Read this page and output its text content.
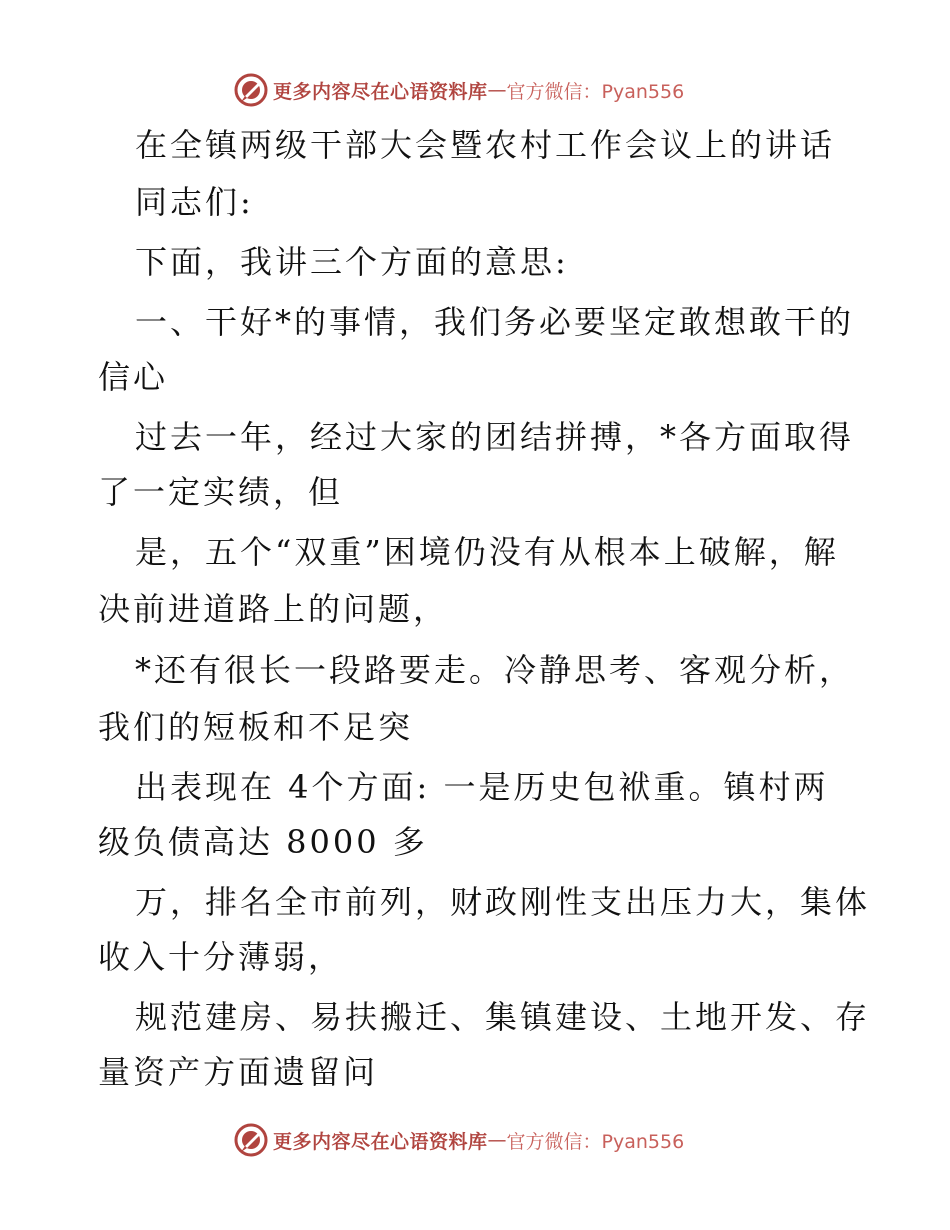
更多内容尽在心语资料库 — 官方微信：Pyan556
在全镇两级干部大会暨农村工作会议上的讲话
同志们:
下面，我讲三个方面的意思:
一、干好*的事情，我们务必要坚定敢想敢干的
信心
过去一年，经过大家的团结拼搏，*各方面取得
了一定实绩，但
是，五个“双重”困境仍没有从根本上破解，解
决前进道路上的问题，
*还有很长一段路要走。冷静思考、客观分析，
我们的短板和不足突
出表现在 4个方面: 一是历史包袱重。镇村两
级负债高达 8000 多
万，排名全市前列，财政刚性支出压力大，集体
收入十分薄弱，
规范建房、易扶搬迁、集镇建设、土地开发、存
量资产方面遗留问
更多内容尽在心语资料库 — 官方微信：Pyan556
